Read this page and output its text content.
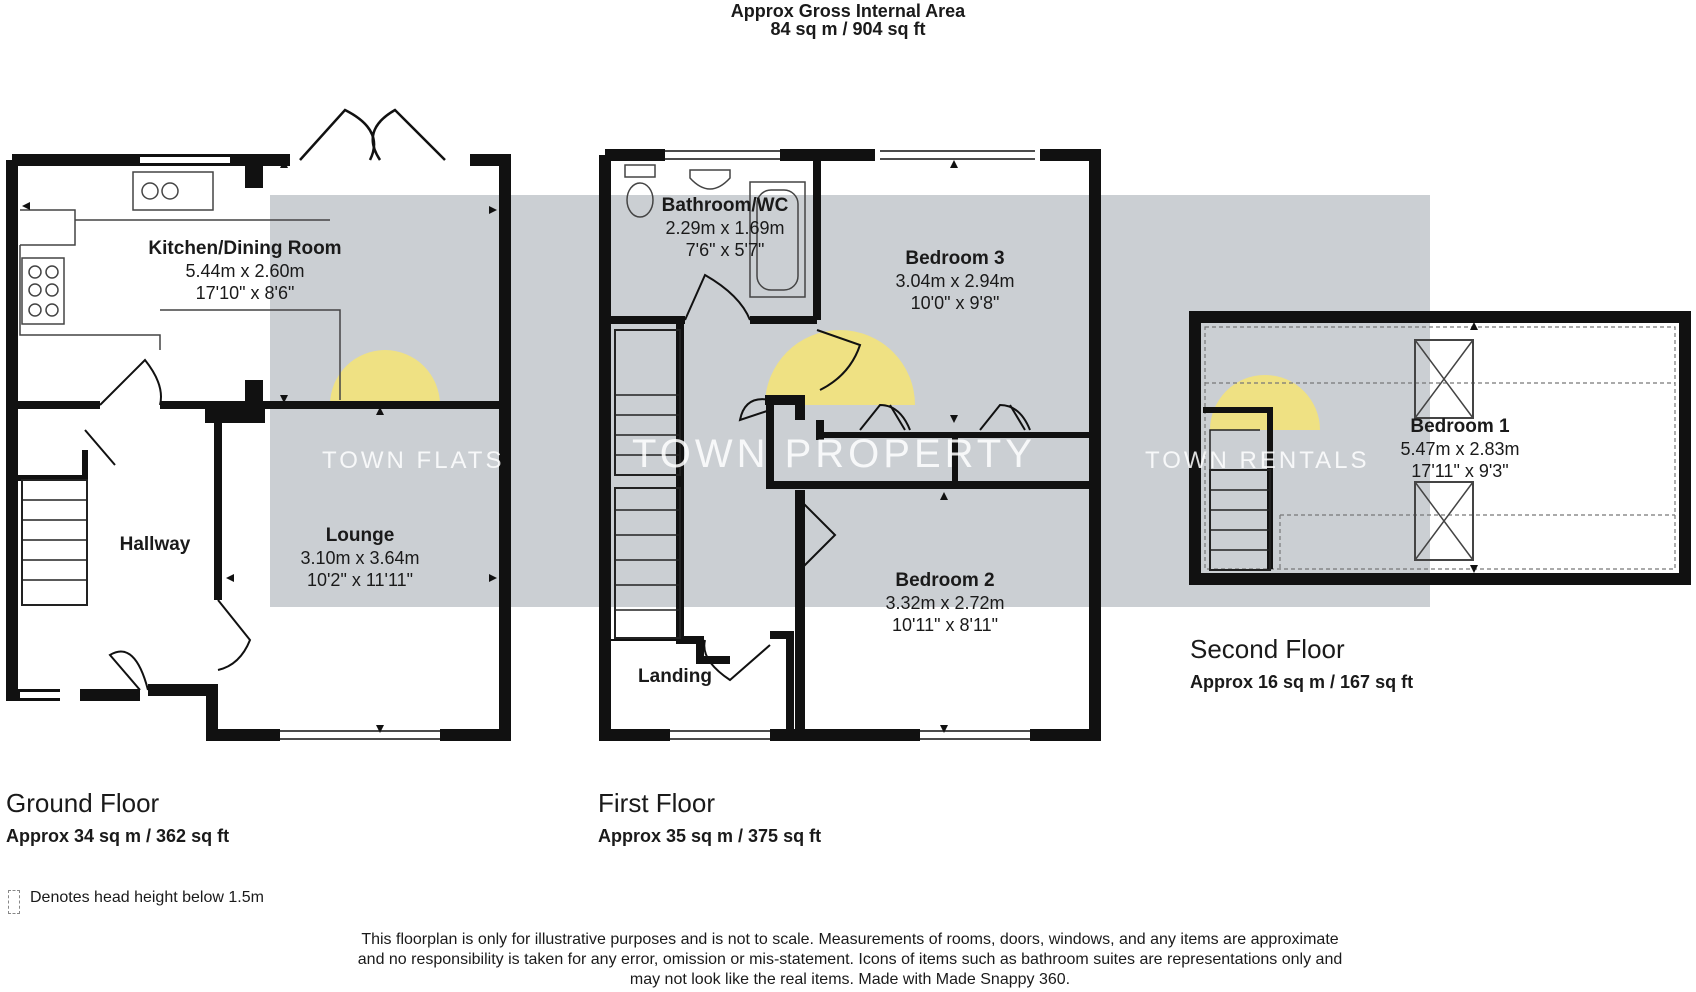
Approx Gross Internal Area
84 sq m / 904 sq ft
TOWN FLATS	TOWN PROPERTY	TOWN RENTALS
Kitchen/Dining Room
5.44m x 2.60m
17'10" x 8'6"
Hallway	Lounge
3.10m x 3.64m
10'2" x 11'11"
Bathroom/WC
2.29m x 1.69m
7'6" x 5'7"	Bedroom 3
3.04m x 2.94m
10'0" x 9'8"
Bedroom 2
3.32m x 2.72m
10'11" x 8'11"
Landing
Bedroom 1
5.47m x 2.83m
17'11" x 9'3"
Ground Floor
Approx 34 sq m / 362 sq ft
First Floor
Approx 35 sq m / 375 sq ft
Second Floor
Approx 16 sq m / 167 sq ft
Denotes head height below 1.5m
This floorplan is only for illustrative purposes and is not to scale. Measurements of rooms, doors, windows, and any items are approximate
and no responsibility is taken for any error, omission or mis-statement. Icons of items such as bathroom suites are representations only and
may not look like the real items. Made with Made Snappy 360.
